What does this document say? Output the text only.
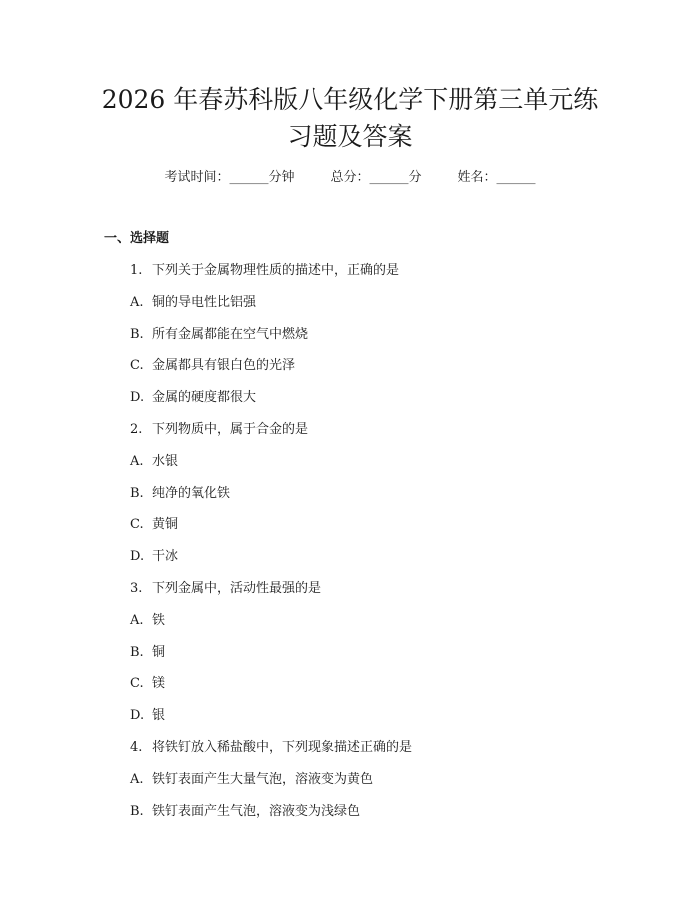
2026 年春苏科版八年级化学下册第三单元练
习题及答案
考试时间：______分钟	总分：______分	姓名：______
一、选择题
1. 下列关于金属物理性质的描述中，正确的是
A. 铜的导电性比铝强
B. 所有金属都能在空气中燃烧
C. 金属都具有银白色的光泽
D. 金属的硬度都很大
2. 下列物质中，属于合金的是
A. 水银
B. 纯净的氧化铁
C. 黄铜
D. 干冰
3. 下列金属中，活动性最强的是
A. 铁
B. 铜
C. 镁
D. 银
4. 将铁钉放入稀盐酸中，下列现象描述正确的是
A. 铁钉表面产生大量气泡，溶液变为黄色
B. 铁钉表面产生气泡，溶液变为浅绿色
